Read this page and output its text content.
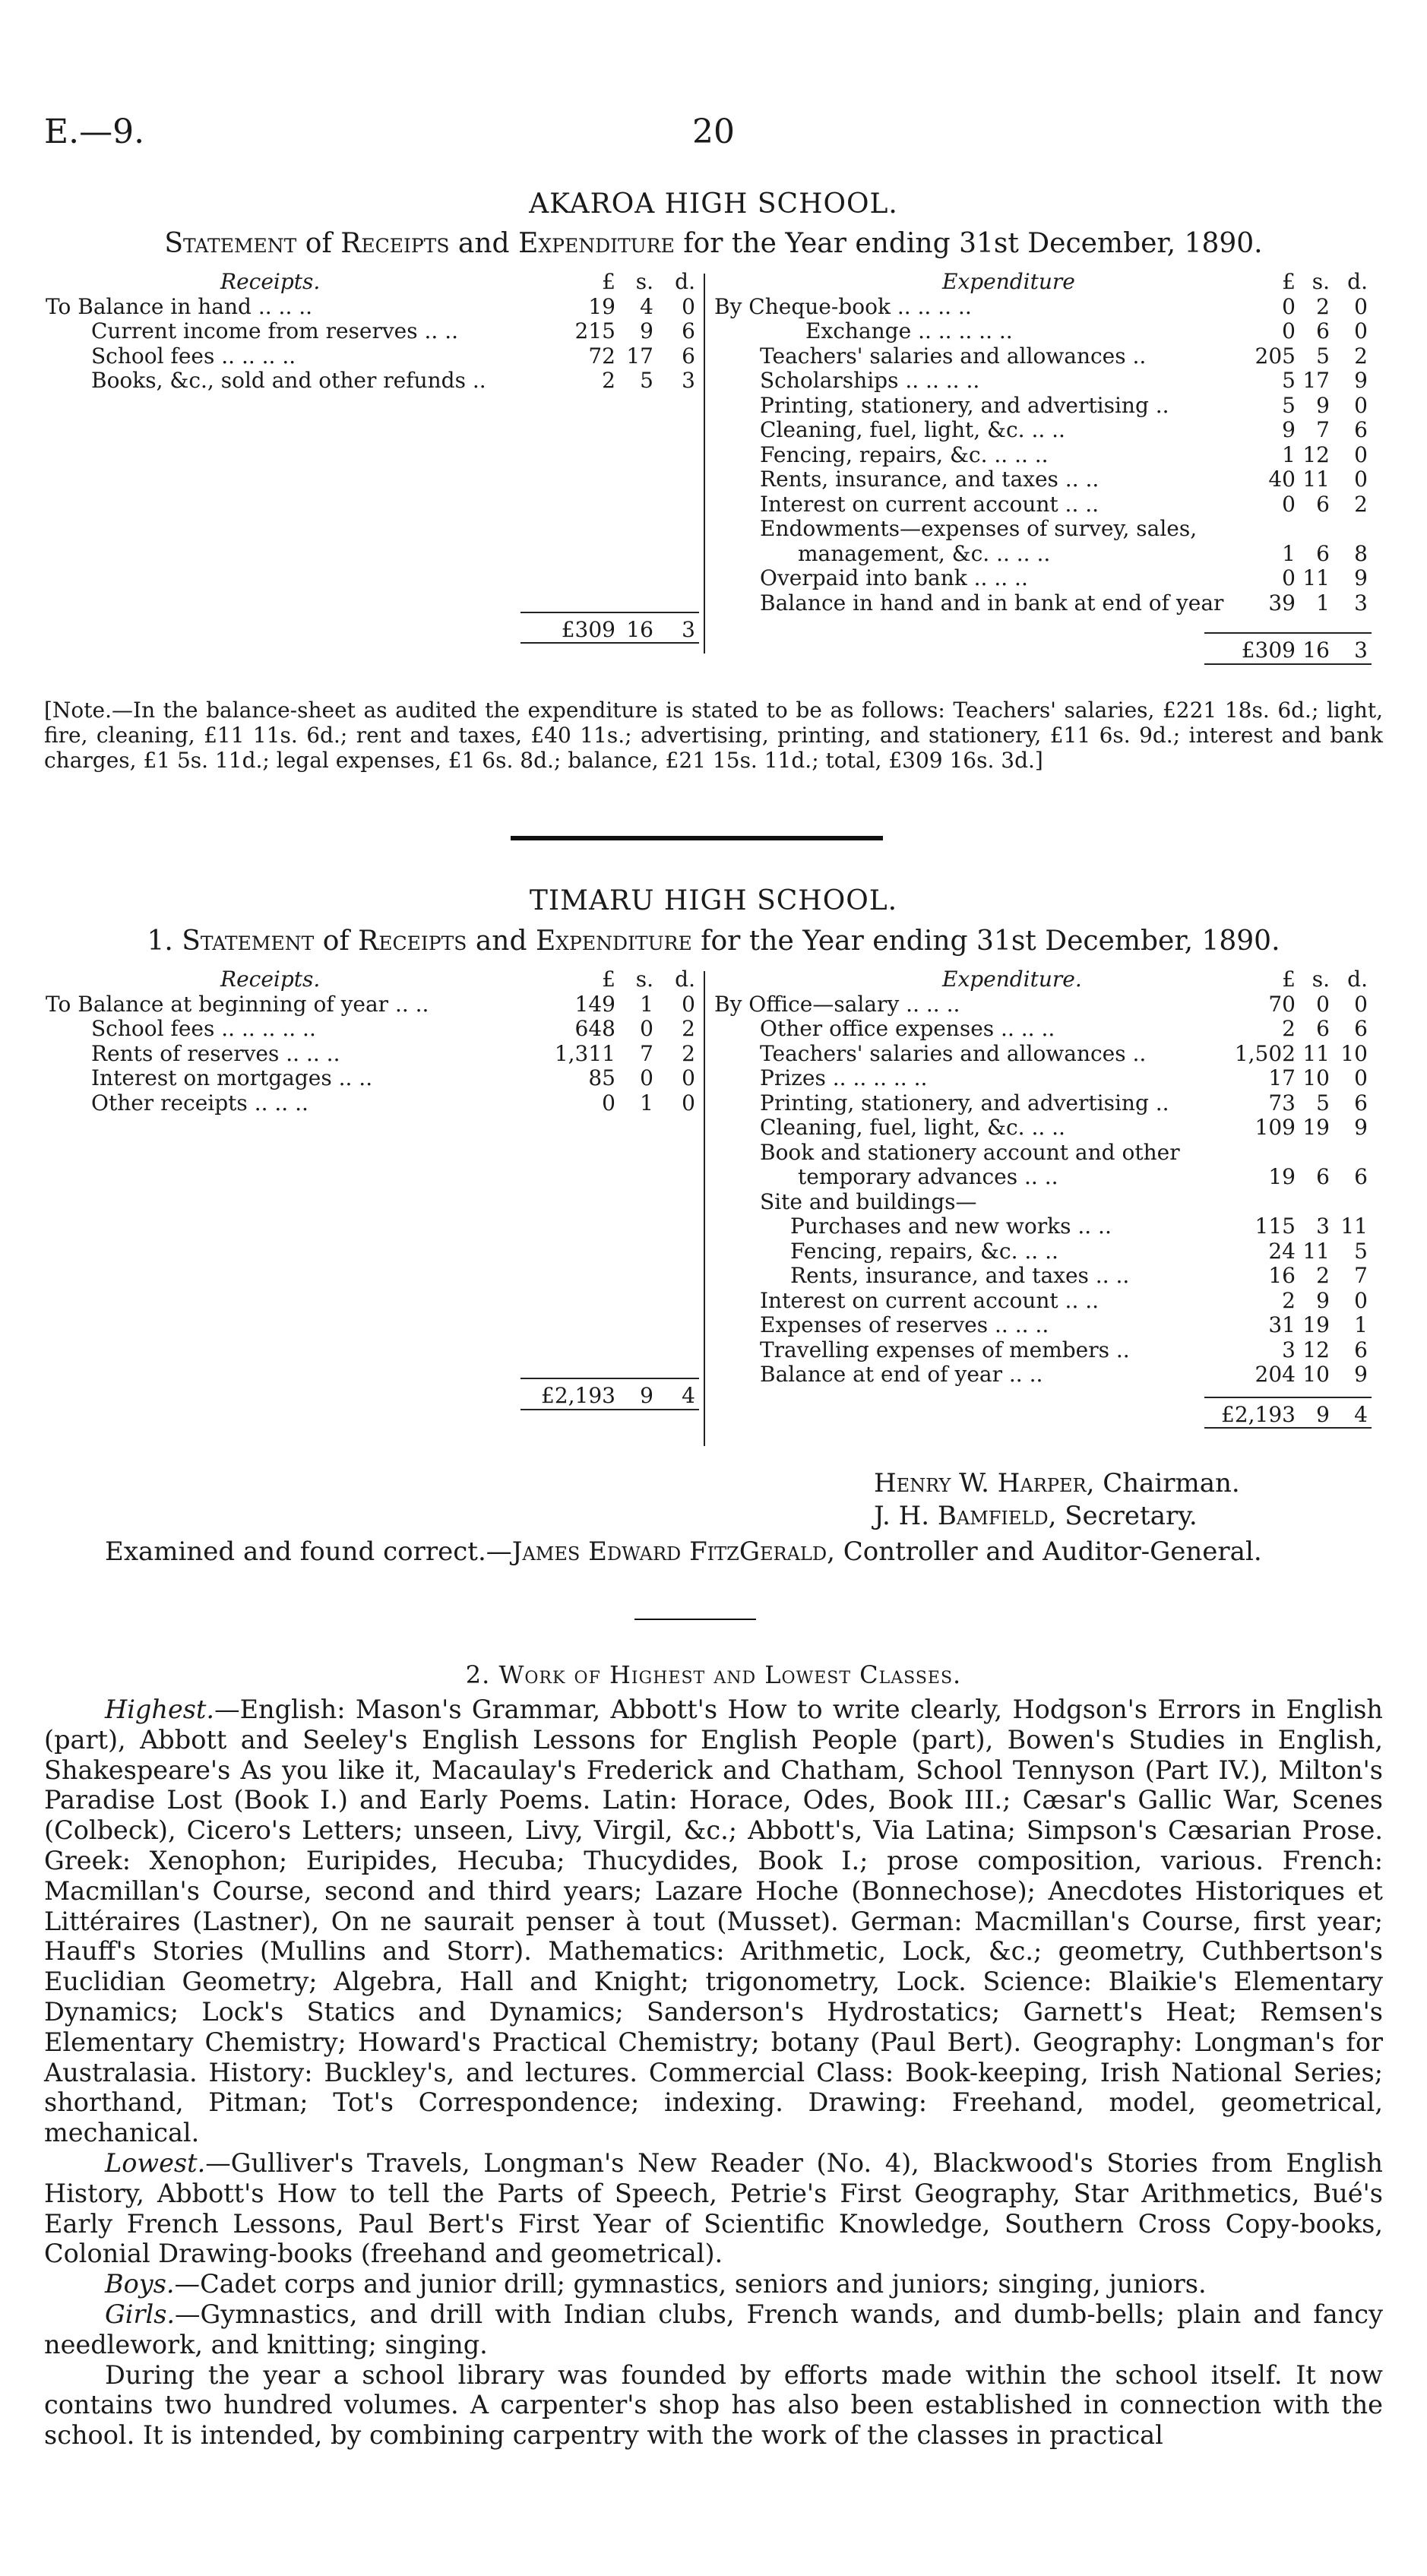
E.—9.	20
AKAROA HIGH SCHOOL.
Statement of Receipts and Expenditure for the Year ending 31st December, 1890.
Receipts.	£ s.	d.
To Balance in hand .. .. ..	19	4	0
Current income from reserves .. ..	215	9	6
School fees .. .. .. ..	72 17	6
Books, &c., sold and other refunds ..	2	5	3
£309 16	3
Expenditure	£ s. d.
By Cheque-book .. .. .. ..	0 2	0
Exchange .. .. .. .. ..	0 6	0
Teachers' salaries and allowances ..	205 5	2
Scholarships .. .. .. ..	5 17	9
Printing, stationery, and advertising ..	5 9	0
Cleaning, fuel, light, &c. .. ..	9 7	6
Fencing, repairs, &c. .. .. ..	1 12	0
Rents, insurance, and taxes .. ..	40 11	0
Interest on current account .. ..	0 6	2
Endowments—expenses of survey, sales,
management, &c. .. .. ..	1 6	8
Overpaid into bank .. .. ..	0 11	9
Balance in hand and in bank at end of year	39 1	3
£309 16	3
[Note.—In the balance-sheet as audited the expenditure is stated to be as follows: Teachers' salaries, £221 18s. 6d.; light, fire, cleaning, £11 11s. 6d.; rent and taxes, £40 11s.; advertising, printing, and stationery, £11 6s. 9d.; interest and bank charges, £1 5s. 11d.; legal expenses, £1 6s. 8d.; balance, £21 15s. 11d.; total, £309 16s. 3d.]
TIMARU HIGH SCHOOL.
1. Statement of Receipts and Expenditure for the Year ending 31st December, 1890.
Receipts.	£ s.	d.
To Balance at beginning of year .. ..	149	1	0
School fees .. .. .. .. ..	648	0	2
Rents of reserves .. .. ..	1,311	7	2
Interest on mortgages .. ..	85	0	0
Other receipts .. .. ..	0	1	0
£2,193	9	4
Expenditure.	£ s. d.
By Office—salary .. .. ..	70 0	0
Other office expenses .. .. ..	2 6	6
Teachers' salaries and allowances ..	1,502 11 10
Prizes .. .. .. .. ..	17 10	0
Printing, stationery, and advertising ..	73 5	6
Cleaning, fuel, light, &c. .. ..	109 19	9
Book and stationery account and other
temporary advances .. ..	19 6	6
Site and buildings—
Purchases and new works .. ..	115 3 11
Fencing, repairs, &c. .. ..	24 11	5
Rents, insurance, and taxes .. ..	16 2	7
Interest on current account .. ..	2 9	0
Expenses of reserves .. .. ..	31 19	1
Travelling expenses of members ..	3 12	6
Balance at end of year .. ..	204 10	9
£2,193 9	4
Henry W. Harper, Chairman.
J. H. Bamfield, Secretary.
Examined and found correct.—James Edward FitzGerald, Controller and Auditor-General.
2. Work of Highest and Lowest Classes.

Highest.—English: Mason's Grammar, Abbott's How to write clearly, Hodgson's Errors in English (part), Abbott and Seeley's English Lessons for English People (part), Bowen's Studies in English, Shakespeare's As you like it, Macaulay's Frederick and Chatham, School Tennyson (Part IV.), Milton's Paradise Lost (Book I.) and Early Poems. Latin: Horace, Odes, Book III.; Cæsar's Gallic War, Scenes (Colbeck), Cicero's Letters; unseen, Livy, Virgil, &c.; Abbott's, Via Latina; Simpson's Cæsarian Prose. Greek: Xenophon; Euripides, Hecuba; Thucydides, Book I.; prose composition, various. French: Macmillan's Course, second and third years; Lazare Hoche (Bonnechose); Anecdotes Historiques et Littéraires (Lastner), On ne saurait penser à tout (Musset). German: Macmillan's Course, first year; Hauff's Stories (Mullins and Storr). Mathematics: Arithmetic, Lock, &c.; geometry, Cuthbertson's Euclidian Geometry; Algebra, Hall and Knight; trigonometry, Lock. Science: Blaikie's Elementary Dynamics; Lock's Statics and Dynamics; Sanderson's Hydrostatics; Garnett's Heat; Remsen's Elementary Chemistry; Howard's Practical Chemistry; botany (Paul Bert). Geography: Longman's for Australasia. History: Buckley's, and lectures. Commercial Class: Book-keeping, Irish National Series; shorthand, Pitman; Tot's Correspondence; indexing. Drawing: Freehand, model, geometrical, mechanical.

Lowest.—Gulliver's Travels, Longman's New Reader (No. 4), Blackwood's Stories from English History, Abbott's How to tell the Parts of Speech, Petrie's First Geography, Star Arithmetics, Bué's Early French Lessons, Paul Bert's First Year of Scientific Knowledge, Southern Cross Copy-books, Colonial Drawing-books (freehand and geometrical).

Boys.—Cadet corps and junior drill; gymnastics, seniors and juniors; singing, juniors.

Girls.—Gymnastics, and drill with Indian clubs, French wands, and dumb-bells; plain and fancy needlework, and knitting; singing.

During the year a school library was founded by efforts made within the school itself. It now contains two hundred volumes. A carpenter's shop has also been established in connection with the school. It is intended, by combining carpentry with the work of the classes in practical
